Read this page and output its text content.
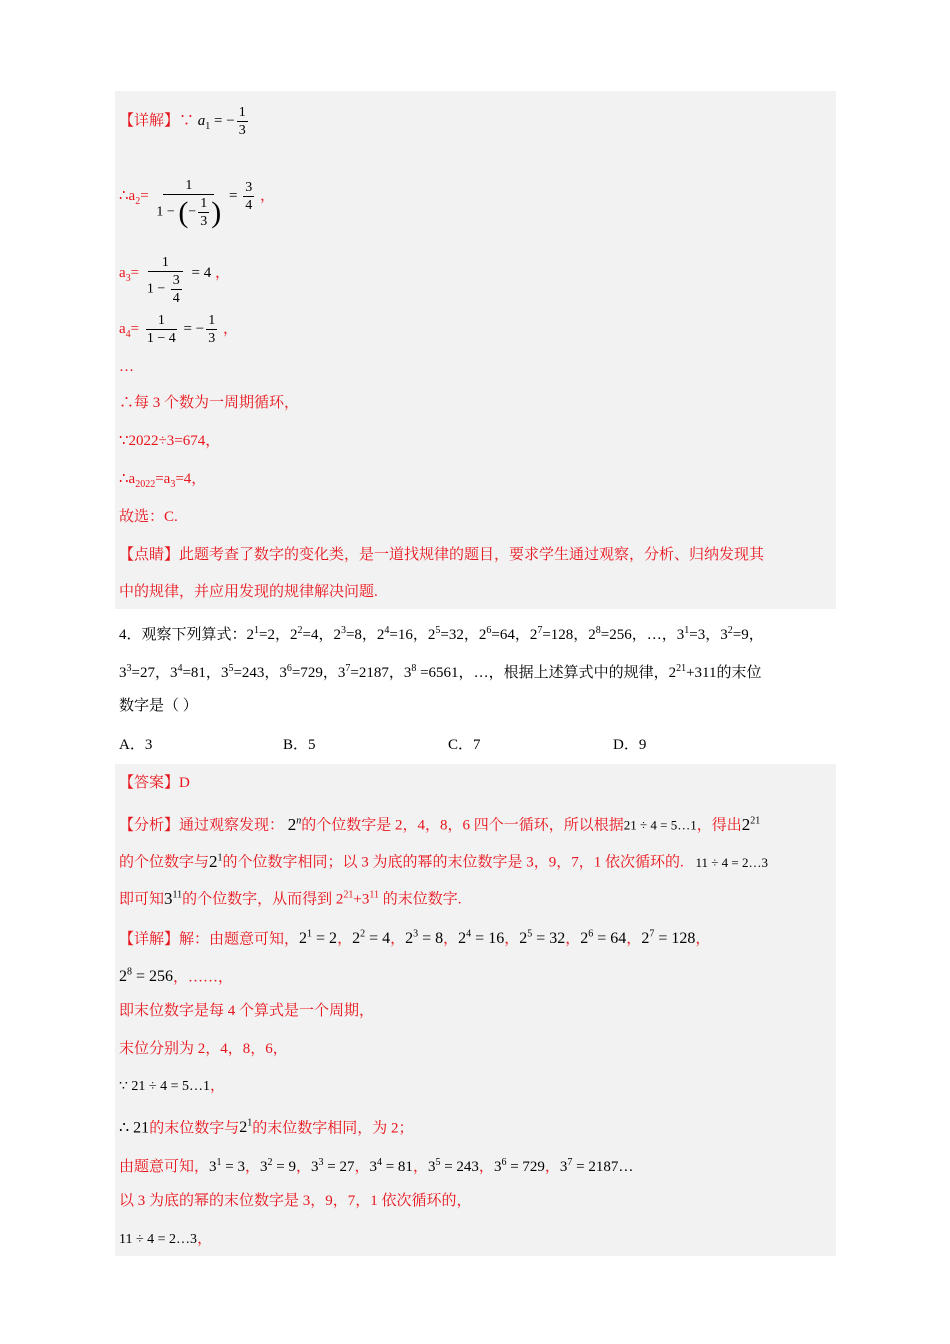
【详解】∵ $a_1$ = − $\frac{1}{3}$
$\therefore a_2= \frac{1}{1 - (- \frac{1}{3} )} = \frac{3}{4}$ ，
$a_3= \frac{1}{1 - \frac{3}{4}} = 4$ ，
$a_4= \frac{1}{1 - 4}$ = − $\frac{1}{3}$ ，
…
∴每 3 个数为一周期循环，
∵2022÷3=674，
$\therefore a_{2022}=a_3=4$，
故选：C.
【点睛】此题考查了数字的变化类，是一道找规律的题目，要求学生通过观察，分析、归纳发现其
中的规律，并应用发现的规律解决问题.
4．观察下列算式：$2^1=2$，$2^2=4$，$2^3=8$，$2^4=16$，$2^5=32$，$2^6=64$，$2^7=128$，$2^8=256$，…，$3^1=3$，$3^2=9$，
$3^3=27$，$3^4=81$，$3^5=243$，$3^6=729$，$3^7=2187$，$3^8 =6561$，…，根据上述算式中的规律，$2^{21}+311$的末位
数字是（ ）
A．3	B．5	C．7	D．9
【答案】D
【分析】通过观察发现： 2$^n$的个位数字是 2，4，8，6 四个一循环，所以根据21 ÷ 4 = 5…1，得出$2^{21}$
的个位数字与$2^1$的个位数字相同；以 3 为底的幂的末位数字是 3，9，7，1 依次循环的. 11 ÷ 4 = 2…3
即可知$3^{11}$的个位数字，从而得到 $2^{21}+3^{11}$ 的末位数字.
【详解】解：由题意可知，$2^1 = 2$，$2^2 = 4$，$2^3 = 8$，$2^4 = 16$，$2^5 = 32$，$2^6 = 64$，$2^7 = 128$，
$2^8 = 256$，……，
即末位数字是每 4 个算式是一个周期，
末位分别为 2，4，8，6，
∵ 21 ÷ 4 = 5…1，
∴ 21的末位数字与$2^1$的末位数字相同，为 2；
由题意可知，$3^1 = 3$，$3^2 = 9$，$3^3 = 27$，$3^4 = 81$，$3^5 = 243$，$3^6 = 729$，$3^7$ = 2187…
以 3 为底的幂的末位数字是 3，9，7，1 依次循环的，
11 ÷ 4 = 2…3，
